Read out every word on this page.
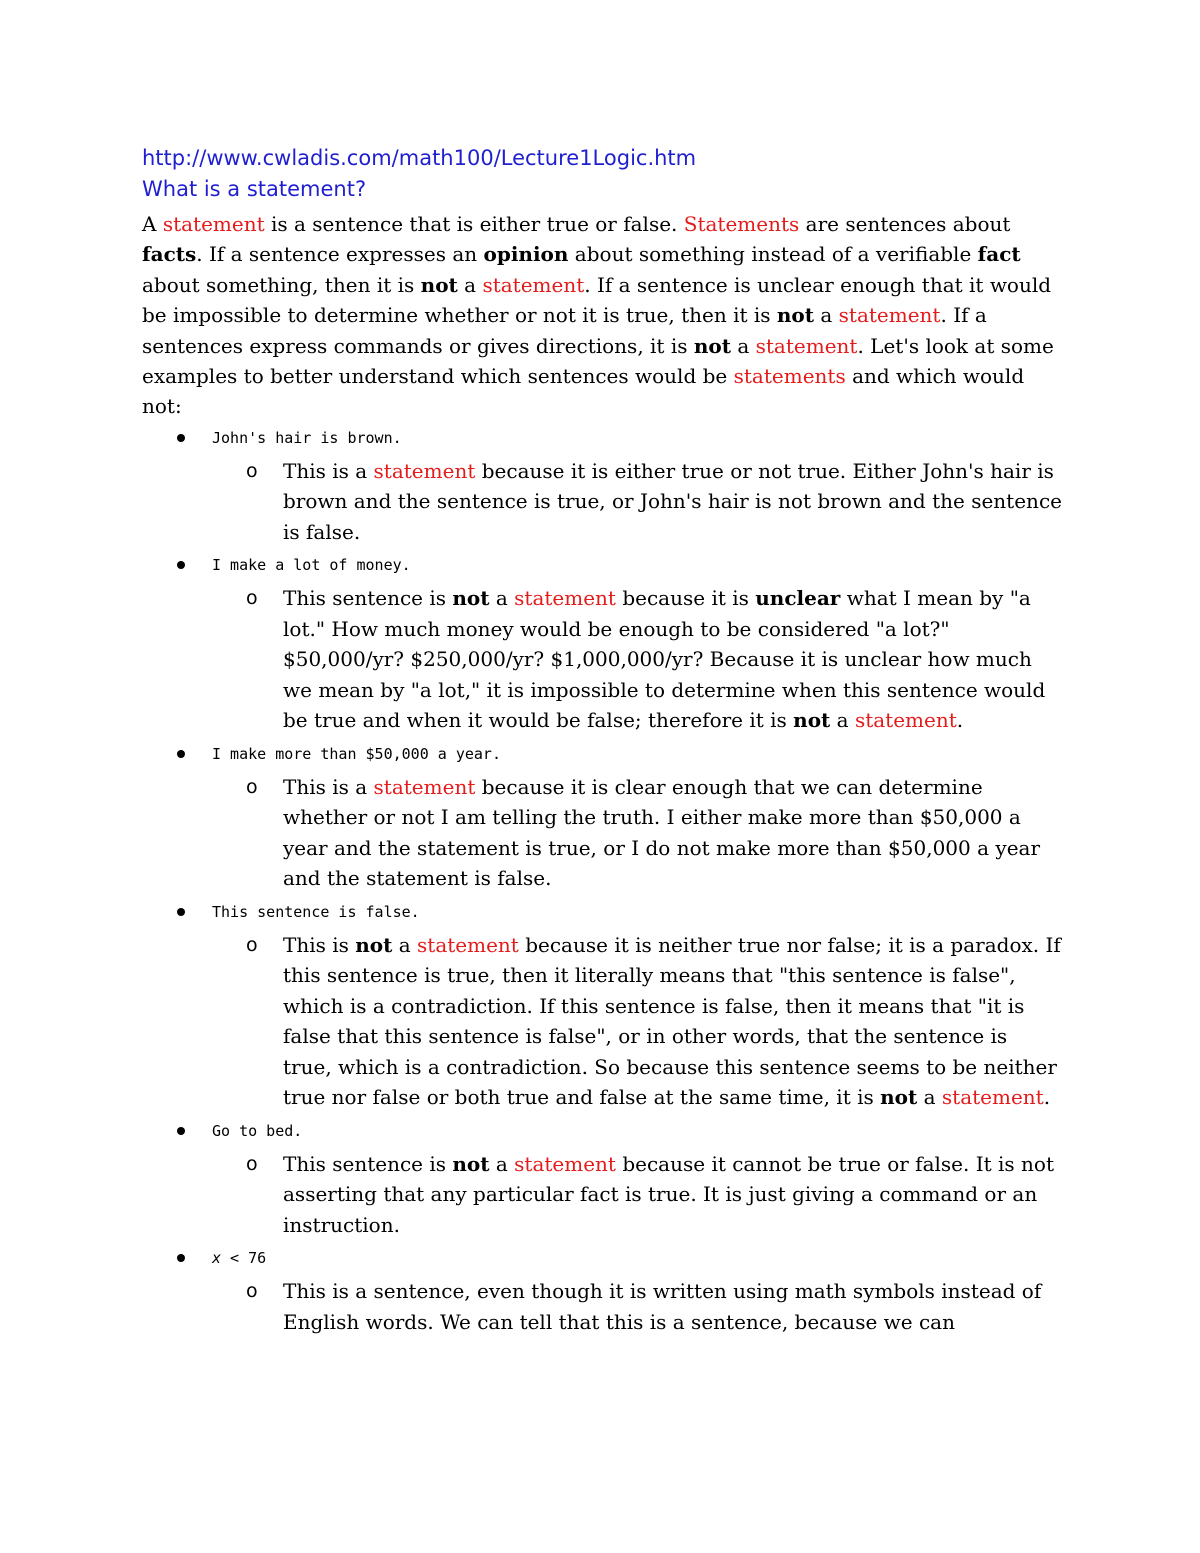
http://www.cwladis.com/math100/Lecture1Logic.htm

What is a statement?

A statement is a sentence that is either true or false. Statements are sentences about facts. If a sentence expresses an opinion about something instead of a verifiable fact about something, then it is not a statement. If a sentence is unclear enough that it would be impossible to determine whether or not it is true, then it is not a statement. If a sentences express commands or gives directions, it is not a statement. Let's look at some examples to better understand which sentences would be statements and which would not:

John's hair is brown.
o This is a statement because it is either true or not true. Either John's hair is brown and the sentence is true, or John's hair is not brown and the sentence is false.
I make a lot of money.
o This sentence is not a statement because it is unclear what I mean by "a lot." How much money would be enough to be considered "a lot?" $50,000/yr? $250,000/yr? $1,000,000/yr? Because it is unclear how much we mean by "a lot," it is impossible to determine when this sentence would be true and when it would be false; therefore it is not a statement.
I make more than $50,000 a year.
o This is a statement because it is clear enough that we can determine whether or not I am telling the truth. I either make more than $50,000 a year and the statement is true, or I do not make more than $50,000 a year and the statement is false.
This sentence is false.
o This is not a statement because it is neither true nor false; it is a paradox. If this sentence is true, then it literally means that "this sentence is false", which is a contradiction. If this sentence is false, then it means that "it is false that this sentence is false", or in other words, that the sentence is true, which is a contradiction. So because this sentence seems to be neither true nor false or both true and false at the same time, it is not a statement.
Go to bed.
o This sentence is not a statement because it cannot be true or false. It is not asserting that any particular fact is true. It is just giving a command or an instruction.
x < 76
o This is a sentence, even though it is written using math symbols instead of English words. We can tell that this is a sentence, because we can
